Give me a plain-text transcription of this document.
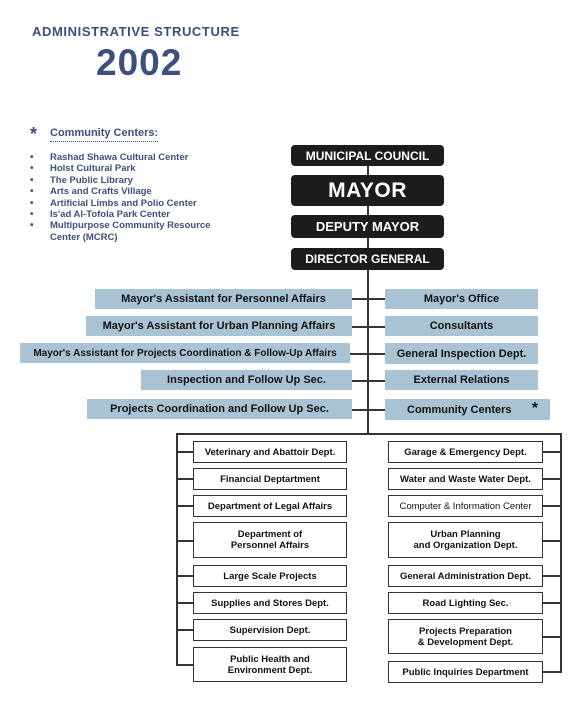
ADMINISTRATIVE STRUCTURE
2002
* Community Centers:
• Rashad Shawa Cultural Center
• Holst Cultural Park
• The Public Library
• Arts and Crafts Village
• Artificial Limbs and Polio Center
• Is'ad Al-Tofola Park Center
• Multipurpose Community Resource Center (MCRC)
MUNICIPAL COUNCIL
MAYOR
DEPUTY MAYOR
DIRECTOR GENERAL
Mayor's Assistant for Personnel Affairs
Mayor's Assistant for Urban Planning Affairs
Mayor's Assistant for Projects Coordination & Follow-Up Affairs
Inspection and Follow Up Sec.
Projects Coordination and Follow Up Sec.
Mayor's Office
Consultants
General Inspection Dept.
External Relations
Community Centers *
Veterinary and Abattoir Dept.
Financial Deptartment
Department of Legal Affairs
Department of
Personnel Affairs
Large Scale Projects
Supplies and Stores Dept.
Supervision Dept.
Public Health and
Environment Dept.
Garage & Emergency Dept.
Water and Waste Water Dept.
Computer & Information Center
Urban Planning
and Organization Dept.
General Administration Dept.
Road Lighting Sec.
Projects Preparation
& Development Dept.
Public Inquiries Department
